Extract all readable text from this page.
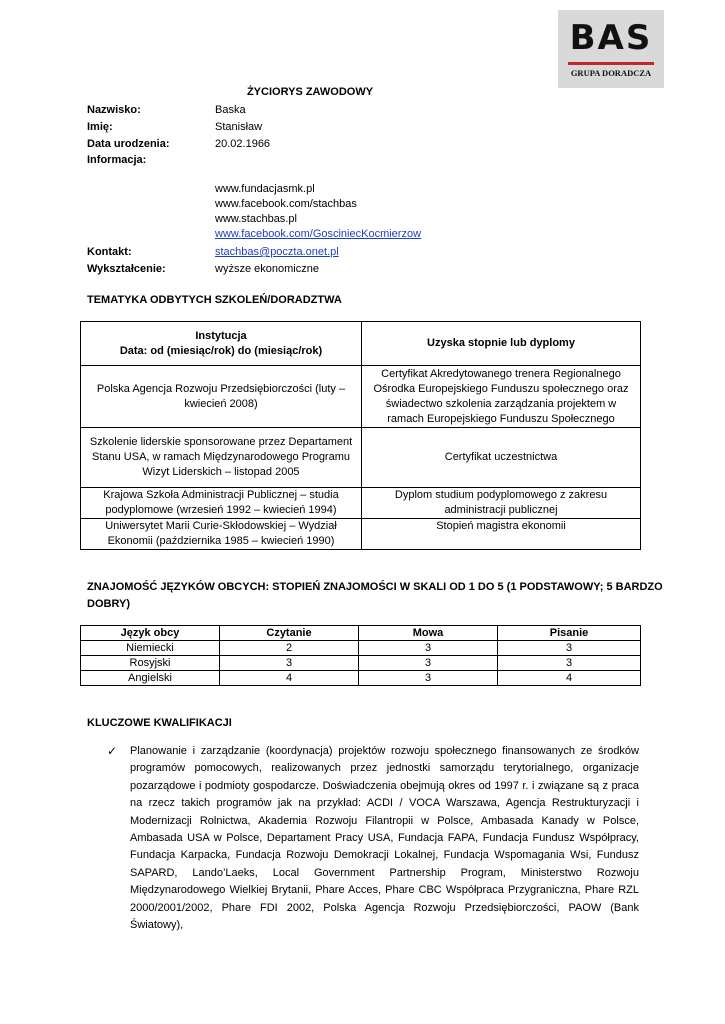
BAS
GRUPA DORADCZA
ŻYCIORYS ZAWODOWY
Nazwisko:	Baska
Imię:	Stanisław
Data urodzenia:	20.02.1966
Informacja:
www.fundacjasmk.pl
www.facebook.com/stachbas
www.stachbas.pl
www.facebook.com/GosciniecKocmierzow
Kontakt:	stachbas@poczta.onet.pl
Wykształcenie:	wyższe ekonomiczne
TEMATYKA ODBYTYCH SZKOLEŃ/DORADZTWA
Instytucja
Data: od (miesiąc/rok) do (miesiąc/rok)	Uzyska stopnie lub dyplomy
Polska Agencja Rozwoju Przedsiębiorczości (luty – kwiecień 2008)	Certyfikat Akredytowanego trenera Regionalnego Ośrodka Europejskiego Funduszu społecznego oraz świadectwo szkolenia zarządzania projektem w ramach Europejskiego Funduszu Społecznego
Szkolenie liderskie sponsorowane przez Departament Stanu USA, w ramach Międzynarodowego Programu Wizyt Liderskich – listopad 2005	Certyfikat uczestnictwa
Krajowa Szkoła Administracji Publicznej – studia podyplomowe (wrzesień 1992 – kwiecień 1994)	Dyplom studium podyplomowego z zakresu administracji publicznej
Uniwersytet Marii Curie-Skłodowskiej – Wydział Ekonomii (października 1985 – kwiecień 1990)	Stopień magistra ekonomii
ZNAJOMOŚĆ JĘZYKÓW OBCYCH: STOPIEŃ ZNAJOMOŚCI W SKALI OD 1 DO 5 (1 PODSTAWOWY; 5 BARDZO
DOBRY)
Język obcy	Czytanie	Mowa	Pisanie
Niemiecki	2	3	3
Rosyjski	3	3	3
Angielski	4	3	4
KLUCZOWE KWALIFIKACJI
✓ Planowanie i zarządzanie (koordynacja) projektów rozwoju społecznego finansowanych ze środków programów pomocowych, realizowanych przez jednostki samorządu terytorialnego, organizacje pozarządowe i podmioty gospodarcze. Doświadczenia obejmują okres od 1997 r. i związane są z praca na rzecz takich programów jak na przykład: ACDI / VOCA Warszawa, Agencja Restrukturyzacji i Modernizacji Rolnictwa, Akademia Rozwoju Filantropii w Polsce, Ambasada Kanady w Polsce, Ambasada USA w Polsce, Departament Pracy USA, Fundacja FAPA, Fundacja Fundusz Współpracy, Fundacja Karpacka, Fundacja Rozwoju Demokracji Lokalnej, Fundacja Wspomagania Wsi, Fundusz SAPARD, Lando’Laeks, Local Government Partnership Program, Ministerstwo Rozwoju Międzynarodowego Wielkiej Brytanii, Phare Acces, Phare CBC Współpraca Przygraniczna, Phare RZL 2000/2001/2002, Phare FDI 2002, Polska Agencja Rozwoju Przedsiębiorczości, PAOW (Bank Światowy),
